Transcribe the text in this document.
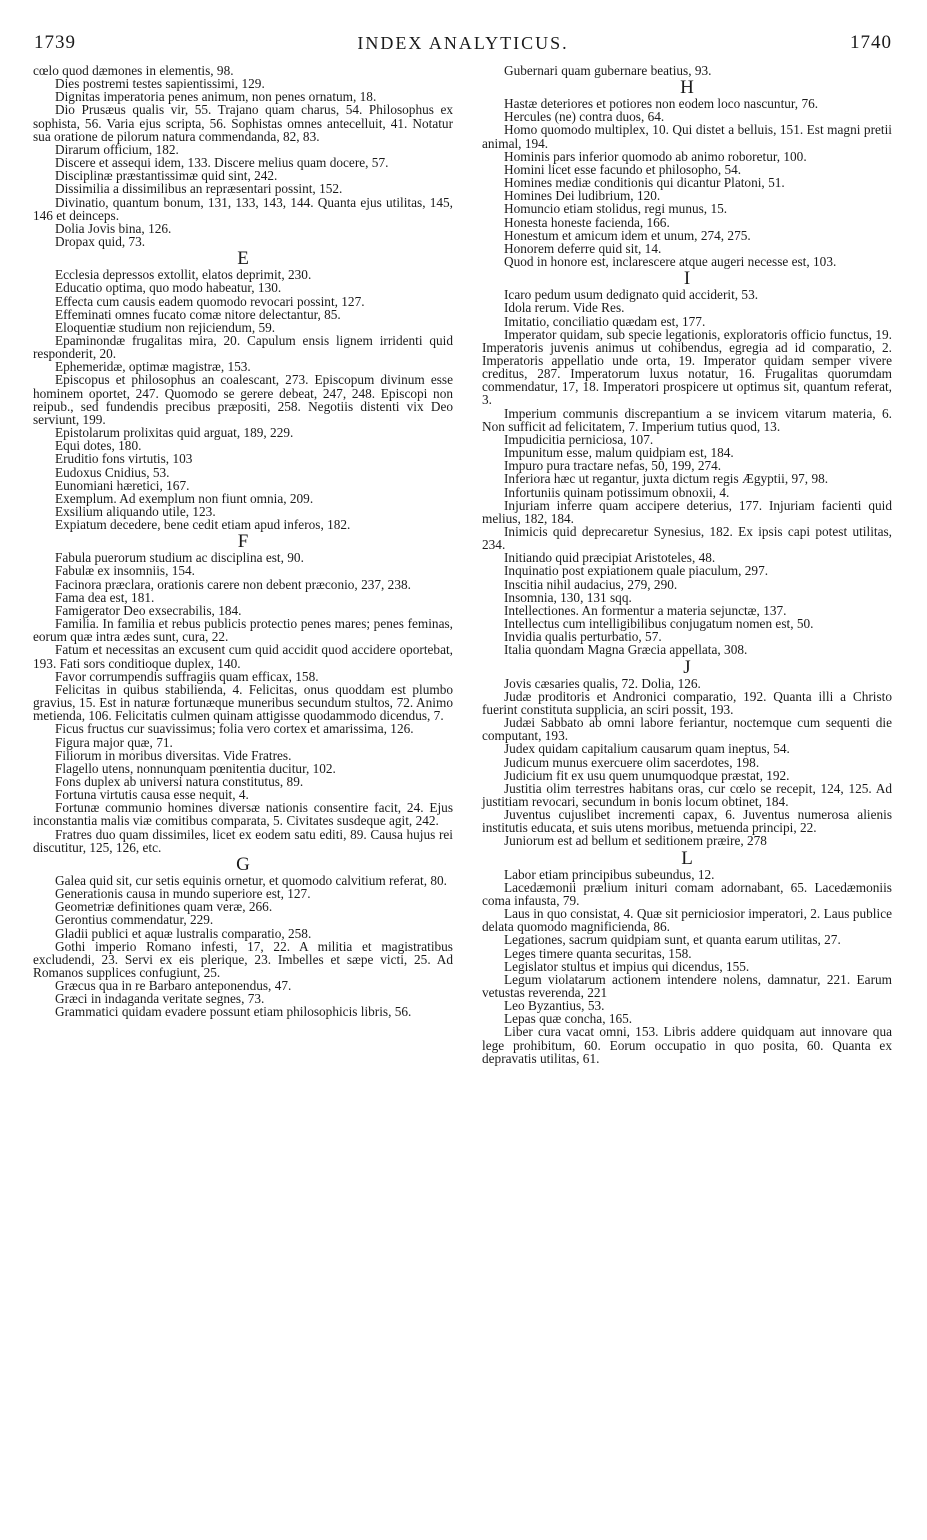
1739	INDEX ANALYTICUS.	1740

cœlo quod dæmones in elementis, 98.

Dies postremi testes sapientissimi, 129.

Dignitas imperatoria penes animum, non penes ornatum, 18.

Dio Prusæus qualis vir, 55. Trajano quam charus, 54. Philosophus ex sophista, 56. Varia ejus scripta, 56. Sophistas omnes antecelluit, 41. Notatur sua oratione de pilorum natura commendanda, 82, 83.

Dirarum officium, 182.

Discere et assequi idem, 133. Discere melius quam docere, 57.

Disciplinæ præstantissimæ quid sint, 242.

Dissimilia a dissimilibus an repræsentari possint, 152.

Divinatio, quantum bonum, 131, 133, 143, 144. Quanta ejus utilitas, 145, 146 et deinceps.

Dolia Jovis bina, 126.

Dropax quid, 73.

E

Ecclesia depressos extollit, elatos deprimit, 230.

Educatio optima, quo modo habeatur, 130.

Effecta cum causis eadem quomodo revocari possint, 127.

Effeminati omnes fucato comæ nitore delectantur, 85.

Eloquentiæ studium non rejiciendum, 59.

Epaminondæ frugalitas mira, 20. Capulum ensis lignem irridenti quid responderit, 20.

Ephemeridæ, optimæ magistræ, 153.

Episcopus et philosophus an coalescant, 273. Episcopum divinum esse hominem oportet, 247. Quomodo se gerere debeat, 247, 248. Episcopi non reipub., sed fundendis precibus præpositi, 258. Negotiis distenti vix Deo serviunt, 199.

Epistolarum prolixitas quid arguat, 189, 229.

Equi dotes, 180.

Eruditio fons virtutis, 103

Eudoxus Cnidius, 53.

Eunomiani hæretici, 167.

Exemplum. Ad exemplum non fiunt omnia, 209.

Exsilium aliquando utile, 123.

Expiatum decedere, bene cedit etiam apud inferos, 182.

F

Fabula puerorum studium ac disciplina est, 90.

Fabulæ ex insomniis, 154.

Facinora præclara, orationis carere non debent præconio, 237, 238.

Fama dea est, 181.

Famigerator Deo exsecrabilis, 184.

Familia. In familia et rebus publicis protectio penes mares; penes feminas, eorum quæ intra ædes sunt, cura, 22.

Fatum et necessitas an excusent cum quid accidit quod accidere oportebat, 193. Fati sors conditioque duplex, 140.

Favor corrumpendis suffragiis quam efficax, 158.

Felicitas in quibus stabilienda, 4. Felicitas, onus quoddam est plumbo gravius, 15. Est in naturæ fortunæque muneribus secundum stultos, 72. Animo metienda, 106. Felicitatis culmen quinam attigisse quodammodo dicendus, 7.

Ficus fructus cur suavissimus; folia vero cortex et amarissima, 126.

Figura major quæ, 71.

Filiorum in moribus diversitas. Vide Fratres.

Flagello utens, nonnunquam pœnitentia ducitur, 102.

Fons duplex ab universi natura constitutus, 89.

Fortuna virtutis causa esse nequit, 4.

Fortunæ communio homines diversæ nationis consentire facit, 24. Ejus inconstantia malis viæ comitibus comparata, 5. Civitates susdeque agit, 242.

Fratres duo quam dissimiles, licet ex eodem satu editi, 89. Causa hujus rei discutitur, 125, 126, etc.

G

Galea quid sit, cur setis equinis ornetur, et quomodo calvitium referat, 80.

Generationis causa in mundo superiore est, 127.

Geometriæ definitiones quam veræ, 266.

Gerontius commendatur, 229.

Gladii publici et aquæ lustralis comparatio, 258.

Gothi imperio Romano infesti, 17, 22. A militia et magistratibus excludendi, 23. Servi ex eis plerique, 23. Imbelles et sæpe victi, 25. Ad Romanos supplices confugiunt, 25.

Græcus qua in re Barbaro anteponendus, 47.

Græci in indaganda veritate segnes, 73.

Grammatici quidam evadere possunt etiam philosophicis libris, 56.

Gubernari quam gubernare beatius, 93.

H

Hastæ deteriores et potiores non eodem loco nascuntur, 76.

Hercules (ne) contra duos, 64.

Homo quomodo multiplex, 10. Qui distet a belluis, 151. Est magni pretii animal, 194.

Hominis pars inferior quomodo ab animo roboretur, 100.

Homini licet esse facundo et philosopho, 54.

Homines mediæ conditionis qui dicantur Platoni, 51.

Homines Dei ludibrium, 120.

Homuncio etiam stolidus, regi munus, 15.

Honesta honeste facienda, 166.

Honestum et amicum idem et unum, 274, 275.

Honorem deferre quid sit, 14.

Quod in honore est, inclarescere atque augeri necesse est, 103.

I

Icaro pedum usum dedignato quid acciderit, 53.

Idola rerum. Vide Res.

Imitatio, conciliatio quædam est, 177.

Imperator quidam, sub specie legationis, exploratoris officio functus, 19. Imperatoris juvenis animus ut cohibendus, egregia ad id comparatio, 2. Imperatoris appellatio unde orta, 19. Imperator quidam semper vivere creditus, 287. Imperatorum luxus notatur, 16. Frugalitas quorumdam commendatur, 17, 18. Imperatori prospicere ut optimus sit, quantum referat, 3.

Imperium communis discrepantium a se invicem vitarum materia, 6. Non sufficit ad felicitatem, 7. Imperium tutius quod, 13.

Impudicitia perniciosa, 107.

Impunitum esse, malum quidpiam est, 184.

Impuro pura tractare nefas, 50, 199, 274.

Inferiora hæc ut regantur, juxta dictum regis Ægyptii, 97, 98.

Infortuniis quinam potissimum obnoxii, 4.

Injuriam inferre quam accipere deterius, 177. Injuriam facienti quid melius, 182, 184.

Inimicis quid deprecaretur Synesius, 182. Ex ipsis capi potest utilitas, 234.

Initiando quid præcipiat Aristoteles, 48.

Inquinatio post expiationem quale piaculum, 297.

Inscitia nihil audacius, 279, 290.

Insomnia, 130, 131 sqq.

Intellectiones. An formentur a materia sejunctæ, 137.

Intellectus cum intelligibilibus conjugatum nomen est, 50.

Invidia qualis perturbatio, 57.

Italia quondam Magna Græcia appellata, 308.

J

Jovis cæsaries qualis, 72. Dolia, 126.

Judæ proditoris et Andronici comparatio, 192. Quanta illi a Christo fuerint constituta supplicia, an sciri possit, 193.

Judæi Sabbato ab omni labore feriantur, noctemque cum sequenti die computant, 193.

Judex quidam capitalium causarum quam ineptus, 54.

Judicum munus exercuere olim sacerdotes, 198.

Judicium fit ex usu quem unumquodque præstat, 192.

Justitia olim terrestres habitans oras, cur cœlo se recepit, 124, 125. Ad justitiam revocari, secundum in bonis locum obtinet, 184.

Juventus cujuslibet incrementi capax, 6. Juventus numerosa alienis institutis educata, et suis utens moribus, metuenda principi, 22.

Juniorum est ad bellum et seditionem præire, 278

L

Labor etiam principibus subeundus, 12.

Lacedæmonii prælium inituri comam adornabant, 65. Lacedæmoniis coma infausta, 79.

Laus in quo consistat, 4. Quæ sit perniciosior imperatori, 2. Laus publice delata quomodo magnificienda, 86.

Legationes, sacrum quidpiam sunt, et quanta earum utilitas, 27.

Leges timere quanta securitas, 158.

Legislator stultus et impius qui dicendus, 155.

Legum violatarum actionem intendere nolens, damnatur, 221. Earum vetustas reverenda, 221

Leo Byzantius, 53.

Lepas quæ concha, 165.

Liber cura vacat omni, 153. Libris addere quidquam aut innovare qua lege prohibitum, 60. Eorum occupatio in quo posita, 60. Quanta ex depravatis utilitas, 61.
